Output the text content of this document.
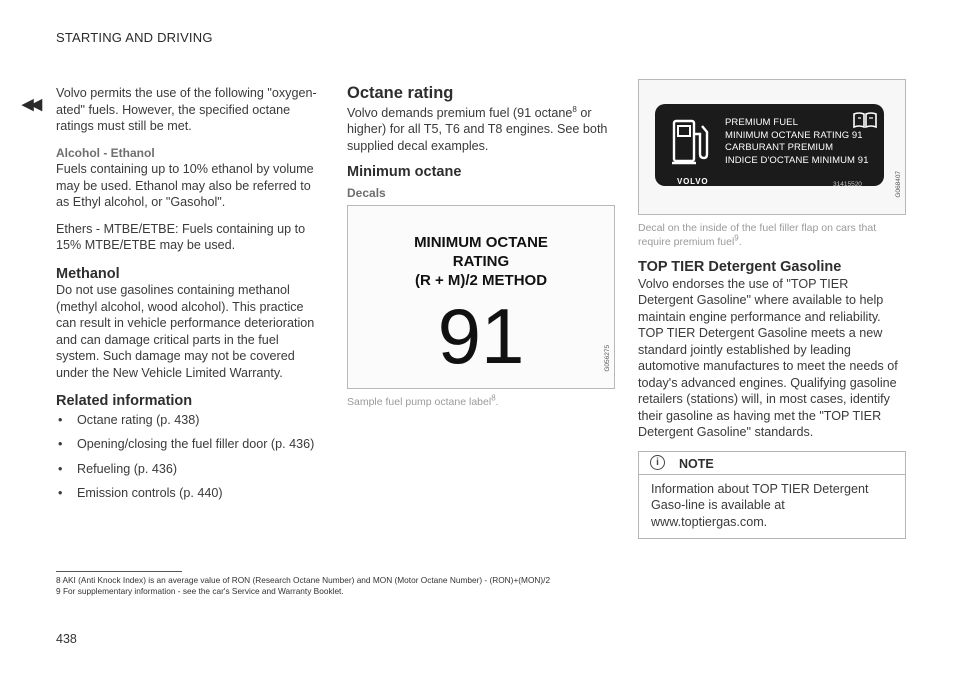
STARTING AND DRIVING
◀◀

Volvo permits the use of the following "oxygen-ated" fuels. However, the specified octane ratings must still be met.

Alcohol - Ethanol

Fuels containing up to 10% ethanol by volume may be used. Ethanol may also be referred to as Ethyl alcohol, or "Gasohol".

Ethers - MTBE/ETBE: Fuels containing up to 15% MTBE/ETBE may be used.

Methanol

Do not use gasolines containing methanol (methyl alcohol, wood alcohol). This practice can result in vehicle performance deterioration and can damage critical parts in the fuel system. Such damage may not be covered under the New Vehicle Limited Warranty.

Related information
• Octane rating (p. 438)
• Opening/closing the fuel filler door (p. 436)
• Refueling (p. 436)
• Emission controls (p. 440)
Octane rating

Volvo demands premium fuel (91 octane$^8$ or higher) for all T5, T6 and T8 engines. See both supplied decal examples.

Minimum octane
Decals
MINIMUM OCTANE
RATING
(R + M)/2 METHOD
91	G056275
Sample fuel pump octane label$^8$.
PREMIUM FUEL
MINIMUM OCTANE RATING 91
CARBURANT PREMIUM
INDICE D'OCTANE MINIMUM 91
VOLVO	31415520	G068407
Decal on the inside of the fuel filler flap on cars that require premium fuel$^9$.
TOP TIER Detergent Gasoline

Volvo endorses the use of "TOP TIER Detergent Gasoline" where available to help maintain engine performance and reliability. TOP TIER Detergent Gasoline meets a new standard jointly established by leading automotive manufactures to meet the needs of today's advanced engines. Qualifying gasoline retailers (stations) will, in most cases, identify their gasoline as having met the "TOP TIER Detergent Gasoline" standards.

i	NOTE
Information about TOP TIER Detergent Gaso-line is available at www.toptiergas.com.
8 AKI (Anti Knock Index) is an average value of RON (Research Octane Number) and MON (Motor Octane Number) - (RON)+(MON)/2
9 For supplementary information - see the car's Service and Warranty Booklet.
438
